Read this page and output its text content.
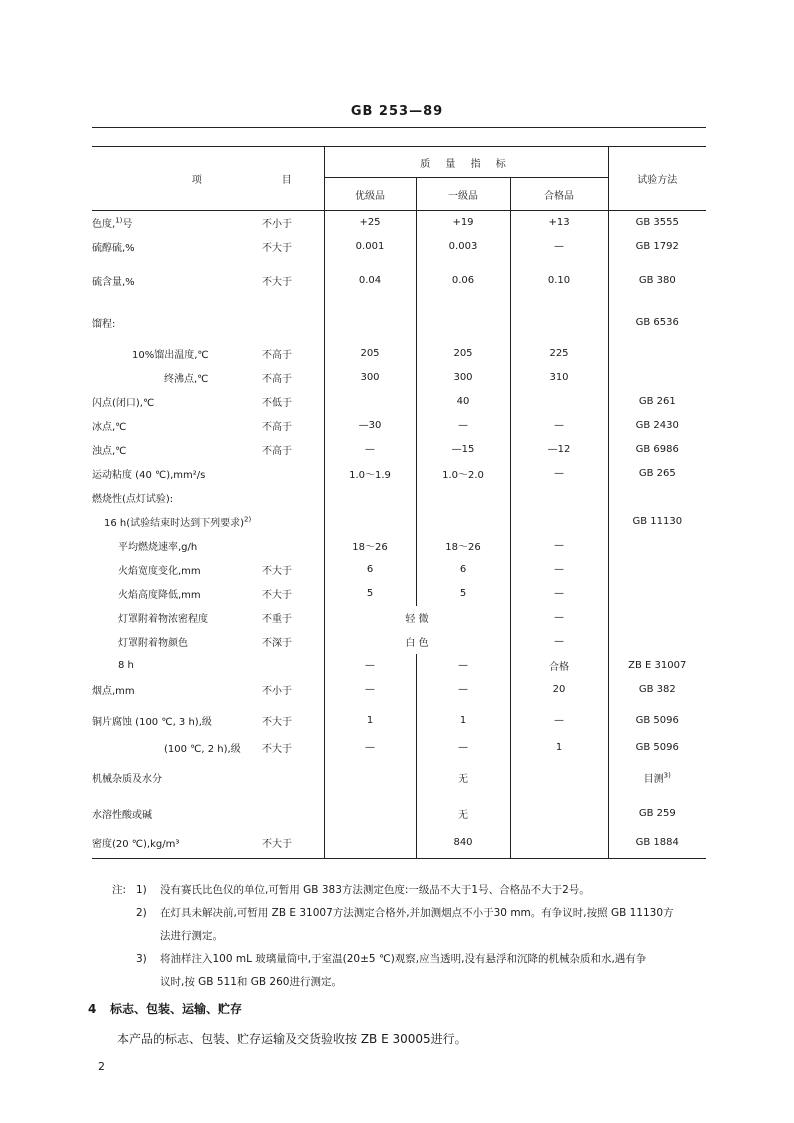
GB 253—89
项 目		质 量 指 标			试验方法
		优级品	一级品	合格品	
色度,$^{1)}$号	不小于	+25	+19	+13	GB 3555
硫醇硫,%	不大于	0.001	0.003	—	GB 1792
硫含量,%	不大于	0.04	0.06	0.10	GB 380
馏程:					GB 6536
10%馏出温度,℃	不高于	205	205	225	
终沸点,℃	不高于	300	300	310	
闪点(闭口),℃	不低于		40		GB 261
冰点,℃	不高于	—30	—	—	GB 2430
浊点,℃	不高于	—	—15	—12	GB 6986
运动粘度 (40 ℃),mm²/s		1.0～1.9	1.0～2.0	—	GB 265
燃烧性(点灯试验):					
16 h(试验结束时达到下列要求)$^{2)}$					GB 11130
平均燃烧速率,g/h		18～26	18～26	—	
火焰宽度变化,mm	不大于	6	6	—	
火焰高度降低,mm	不大于	5	5	—	
灯罩附着物浓密程度	不重于	轻 微		—	
灯罩附着物颜色	不深于	白 色		—	
8 h		—	—	合格	ZB E 31007
烟点,mm	不小于	—	—	20	GB 382
铜片腐蚀 (100 ℃, 3 h),级	不大于	1	1	—	GB 5096
(100 ℃, 2 h),级	不大于	—	—	1	GB 5096
机械杂质及水分			无		目测$^{3)}$
水溶性酸或碱			无		GB 259
密度(20 ℃),kg/m³	不大于		840		GB 1884
注: 1)	没有赛氏比色仪的单位,可暂用 GB 383方法测定色度:一级品不大于1号、合格品不大于2号。
2)	在灯具未解决前,可暂用 ZB E 31007方法测定合格外,并加测烟点不小于30 mm。有争议时,按照 GB 11130方
法进行测定。
3)	将油样注入100 mL 玻璃量筒中,于室温(20±5 ℃)观察,应当透明,没有悬浮和沉降的机械杂质和水,遇有争
议时,按 GB 511和 GB 260进行测定。
4 标志、包装、运输、贮存
本产品的标志、包装、贮存运输及交货验收按 ZB E 30005进行。
2
